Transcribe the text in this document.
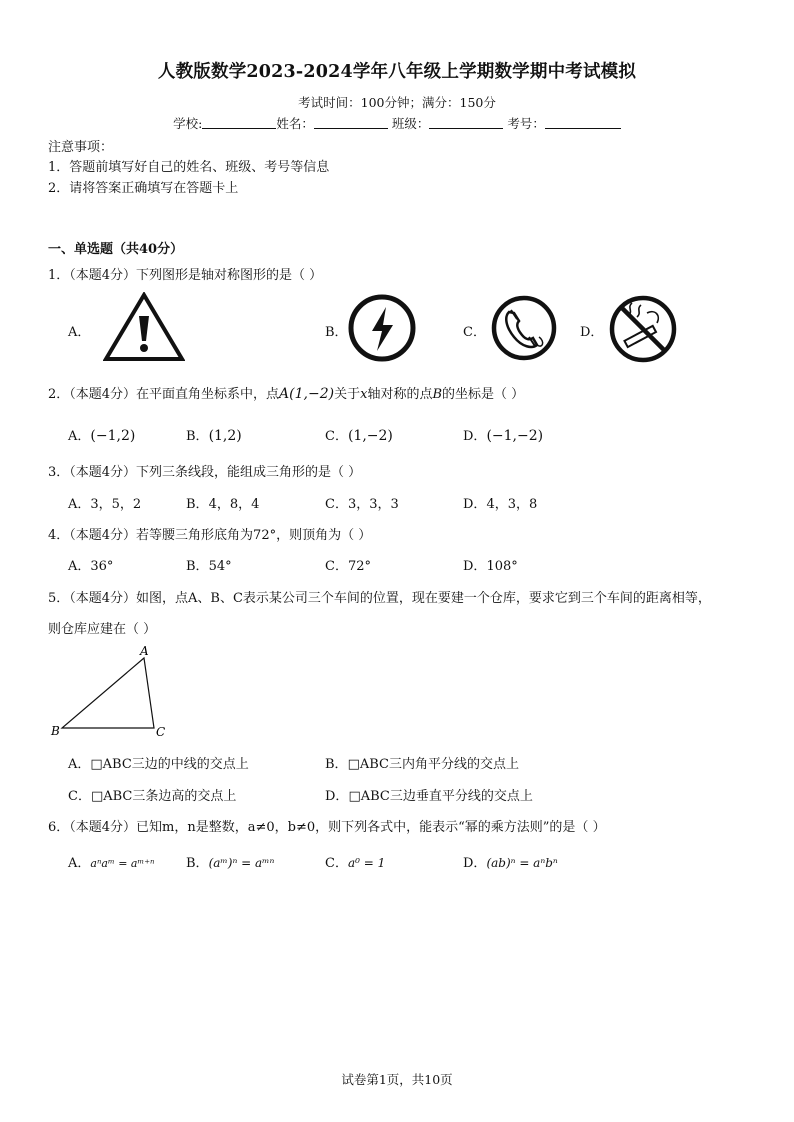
人教版数学2023-2024学年八年级上学期数学期中考试模拟
考试时间：100分钟；满分：150分
学校:	姓名：	班级：	考号：
注意事项：
1．答题前填写好自己的姓名、班级、考号等信息
2．请将答案正确填写在答题卡上
一、单选题（共40分）
1．（本题4分）下列图形是轴对称图形的是（ ）
A．	B．	C．	D．
2．（本题4分）在平面直角坐标系中，点A(1,−2)关于x轴对称的点B的坐标是（ ）
A．(−1,2)	B．(1,2)	C．(1,−2)	D．(−1,−2)
3．（本题4分）下列三条线段，能组成三角形的是（ ）
A．3，5，2	B．4，8，4	C．3，3，3	D．4，3，8
4．（本题4分）若等腰三角形底角为72°，则顶角为（ ）
A．36°	B．54°	C．72°	D．108°
5．（本题4分）如图，点A、B、C表示某公司三个车间的位置，现在要建一个仓库，要求它到三个车间的距离相等，
则仓库应建在（ ）
A
B	C
A．□ABC三边的中线的交点上	B．□ABC三内角平分线的交点上
C．□ABC三条边高的交点上	D．□ABC三边垂直平分线的交点上
6．（本题4分）已知m，n是整数，a≠0，b≠0，则下列各式中，能表示“幂的乘方法则”的是（ ）
A．aⁿaᵐ = aᵐ⁺ⁿ B．(aᵐ)ⁿ = aᵐⁿ	C．a⁰ = 1	D．(ab)ⁿ = aⁿbⁿ
试卷第1页，共10页
